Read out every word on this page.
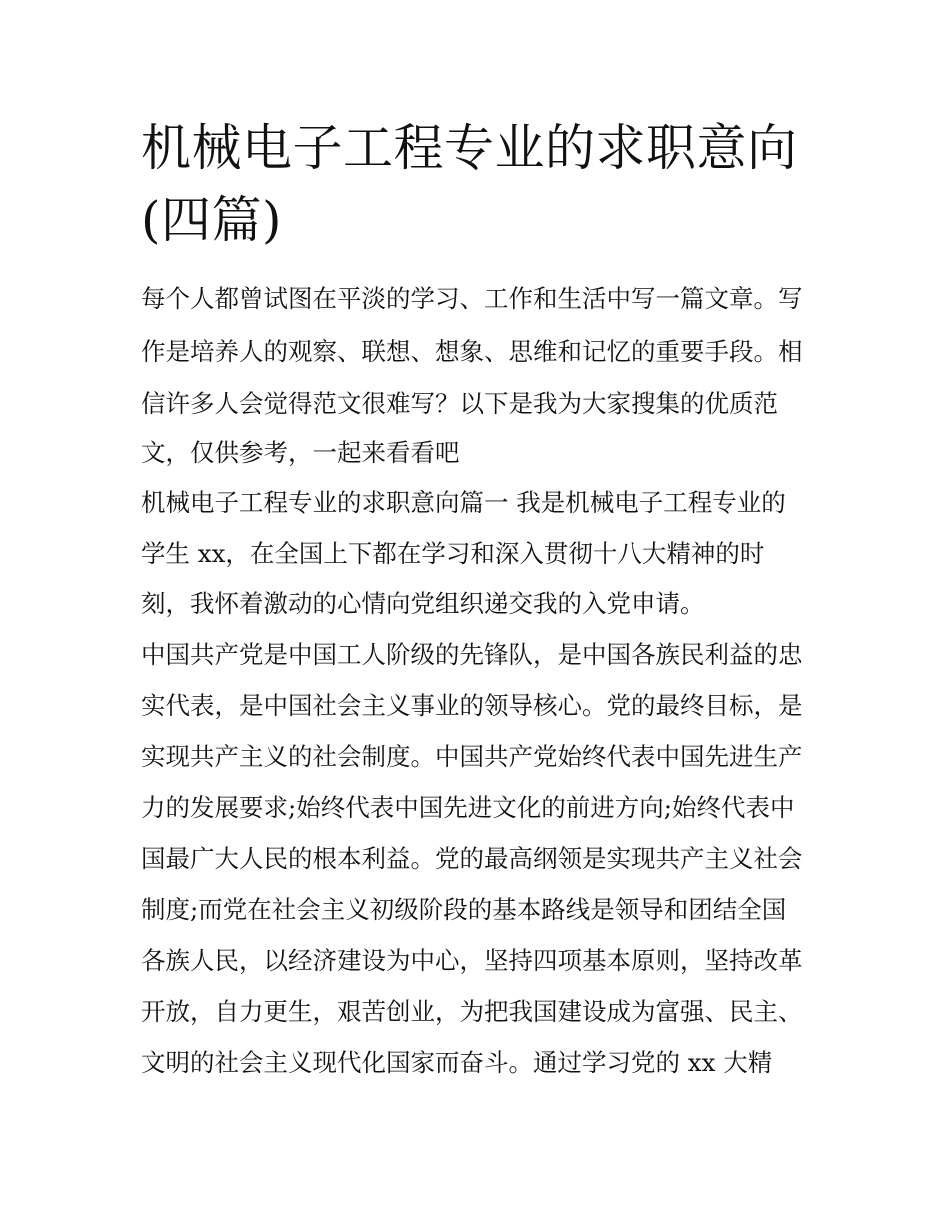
机械电子工程专业的求职意向
(四篇)

每个人都曾试图在平淡的学习、工作和生活中写一篇文章。写

作是培养人的观察、联想、想象、思维和记忆的重要手段。相

信许多人会觉得范文很难写？以下是我为大家搜集的优质范

文，仅供参考，一起来看看吧

机械电子工程专业的求职意向篇一 我是机械电子工程专业的

学生 xx，在全国上下都在学习和深入贯彻十八大精神的时

刻，我怀着激动的心情向党组织递交我的入党申请。

中国共产党是中国工人阶级的先锋队，是中国各族民利益的忠

实代表，是中国社会主义事业的领导核心。党的最终目标，是

实现共产主义的社会制度。中国共产党始终代表中国先进生产

力的发展要求;始终代表中国先进文化的前进方向;始终代表中

国最广大人民的根本利益。党的最高纲领是实现共产主义社会

制度;而党在社会主义初级阶段的基本路线是领导和团结全国

各族人民，以经济建设为中心，坚持四项基本原则，坚持改革

开放，自力更生，艰苦创业，为把我国建设成为富强、民主、

文明的社会主义现代化国家而奋斗。通过学习党的 xx 大精
